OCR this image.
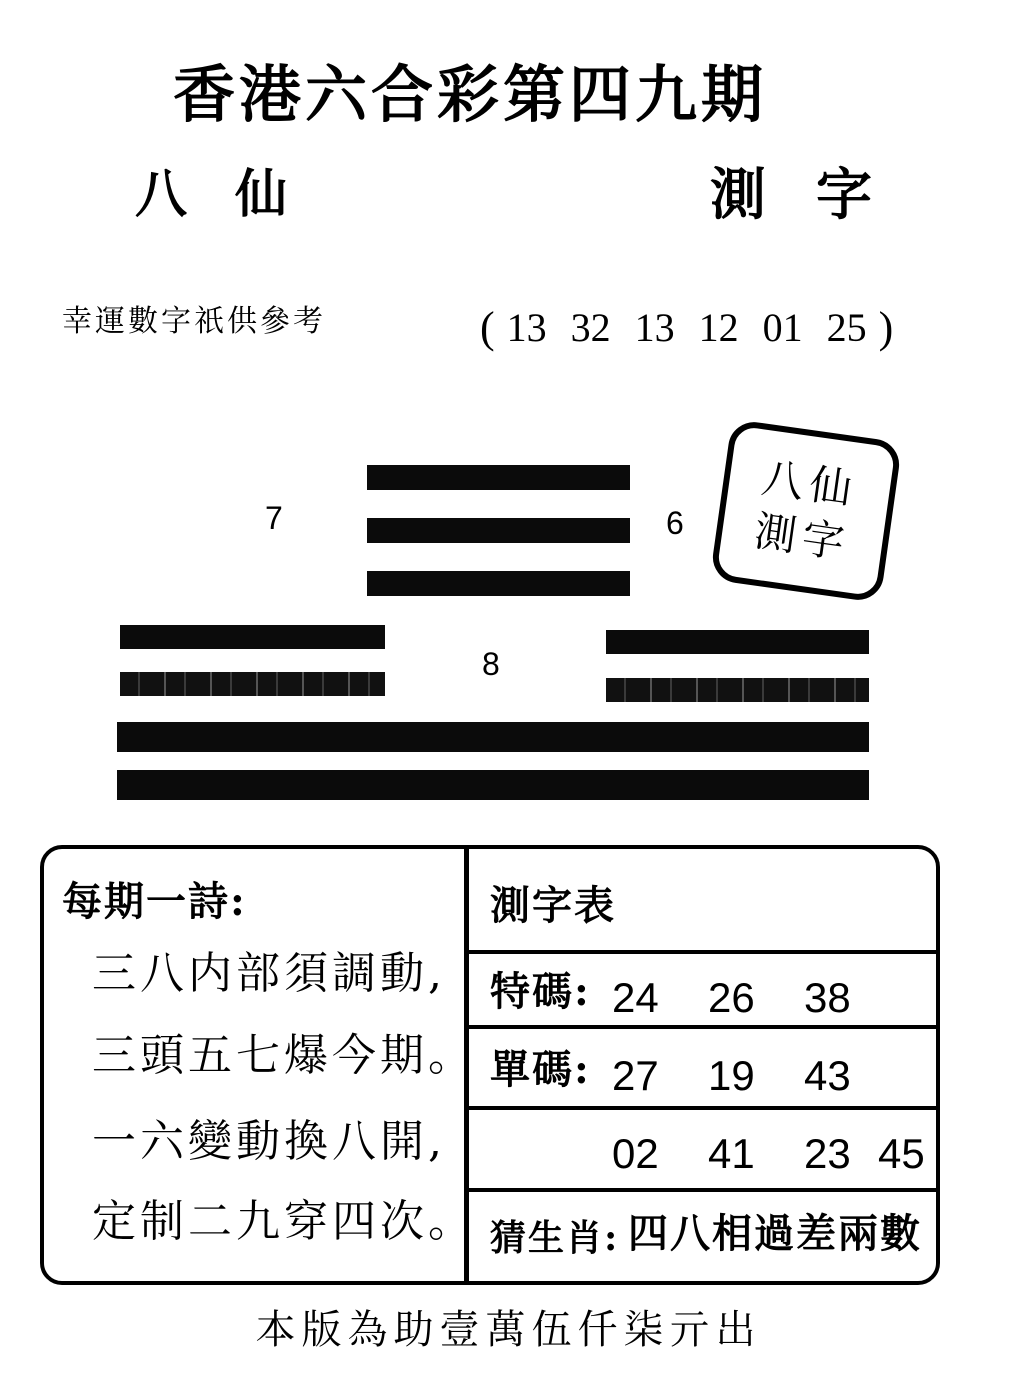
香港六合彩第四九期
八仙	測字
幸運數字祇供參考	( 13 32 13 12 01 25 )
7	6
8
八仙
測字
每期一詩:
三八内部須調動,
三頭五七爆今期。
一六變動換八開,
定制二九穿四次。
測字表
特碼: 24	26	38
單碼: 27	19	43
02	41	23 45
猜生肖: 四八相過差兩數
本版為助壹萬伍仟柒亓出
